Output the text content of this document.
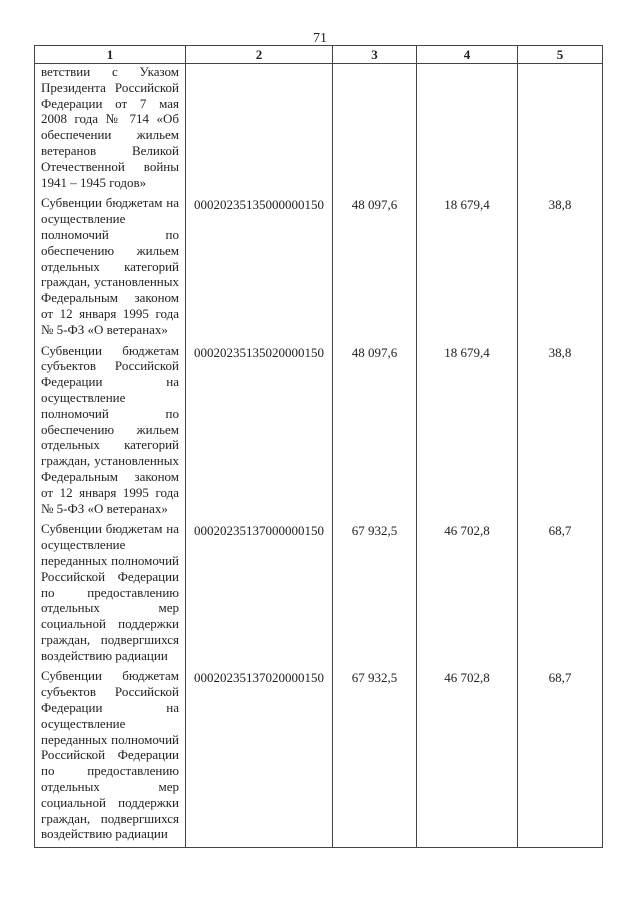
71
1	2	3	4	5
ветствии с Указом Президента Российской Федерации от 7 мая 2008 года № 714 «Об обеспечении жильем ветеранов Великой Отечественной войны 1941 – 1945 годов»				
Субвенции бюджетам на осуществление полномочий по обеспечению жильем отдельных категорий граждан, установленных Федеральным законом от 12 января 1995 года № 5-ФЗ «О ветеранах»	00020235135000000150	48 097,6	18 679,4	38,8
Субвенции бюджетам субъектов Российской Федерации на осуществление полномочий по обеспечению жильем отдельных категорий граждан, установленных Федеральным законом от 12 января 1995 года № 5-ФЗ «О ветеранах»	00020235135020000150	48 097,6	18 679,4	38,8
Субвенции бюджетам на осуществление переданных полномочий Российской Федерации по предоставлению отдельных мер социальной поддержки граждан, подвергшихся воздействию радиации	00020235137000000150	67 932,5	46 702,8	68,7
Субвенции бюджетам субъектов Российской Федерации на осуществление переданных полномочий Российской Федерации по предоставлению отдельных мер социальной поддержки граждан, подвергшихся воздействию радиации	00020235137020000150	67 932,5	46 702,8	68,7
